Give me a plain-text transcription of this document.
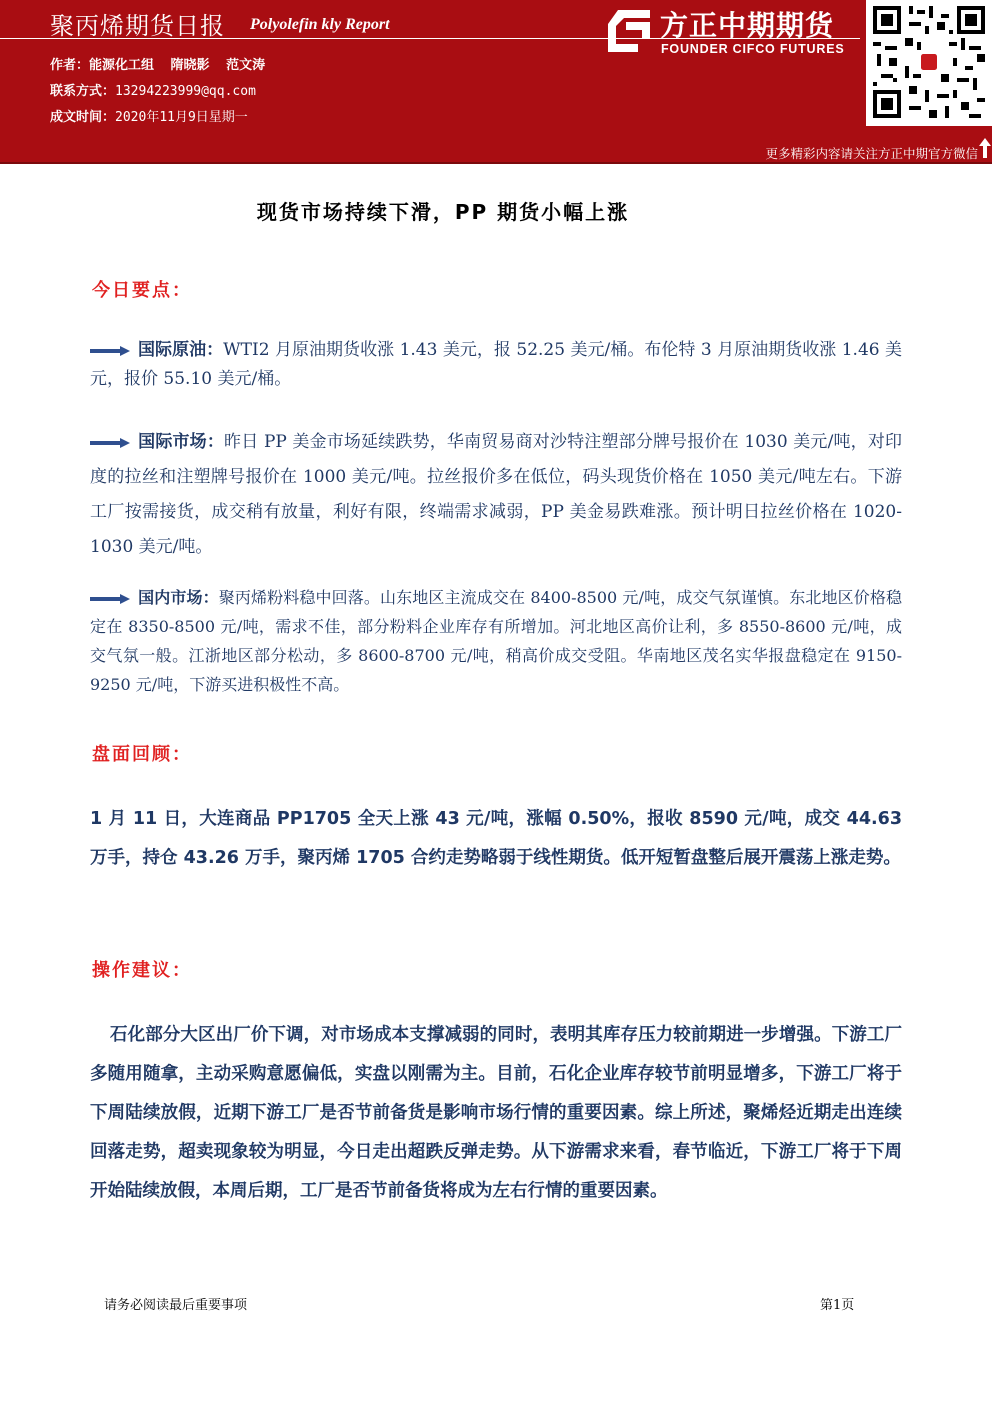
聚丙烯期货日报 Polyolefin kly Report
作者：能源化工组 隋晓影 范文涛
联系方式：13294223999@qq.com
成文时间：2020年11月9日星期一
方正中期期货
FOUNDER CIFCO FUTURES
更多精彩内容请关注方正中期官方微信
现货市场持续下滑，PP 期货小幅上涨
今日要点：
国际原油：WTI2 月原油期货收涨 1.43 美元，报 52.25 美元/桶。布伦特 3 月原油期货收涨 1.46 美元，报价 55.10 美元/桶。
国际市场：昨日 PP 美金市场延续跌势，华南贸易商对沙特注塑部分牌号报价在 1030 美元/吨，对印度的拉丝和注塑牌号报价在 1000 美元/吨。拉丝报价多在低位，码头现货价格在 1050 美元/吨左右。下游工厂按需接货，成交稍有放量，利好有限，终端需求减弱，PP 美金易跌难涨。预计明日拉丝价格在 1020-1030 美元/吨。
国内市场：聚丙烯粉料稳中回落。山东地区主流成交在 8400-8500 元/吨，成交气氛谨慎。东北地区价格稳定在 8350-8500 元/吨，需求不佳，部分粉料企业库存有所增加。河北地区高价让利，多 8550-8600 元/吨，成交气氛一般。江浙地区部分松动，多 8600-8700 元/吨，稍高价成交受阻。华南地区茂名实华报盘稳定在 9150-9250 元/吨，下游买进积极性不高。
盘面回顾：
1 月 11 日，大连商品 PP1705 全天上涨 43 元/吨，涨幅 0.50%，报收 8590 元/吨，成交 44.63 万手，持仓 43.26 万手，聚丙烯 1705 合约走势略弱于线性期货。低开短暂盘整后展开震荡上涨走势。
操作建议：
石化部分大区出厂价下调，对市场成本支撑减弱的同时，表明其库存压力较前期进一步增强。下游工厂多随用随拿，主动采购意愿偏低，实盘以刚需为主。目前，石化企业库存较节前明显增多，下游工厂将于下周陆续放假，近期下游工厂是否节前备货是影响市场行情的重要因素。综上所述，聚烯烃近期走出连续回落走势，超卖现象较为明显，今日走出超跌反弹走势。从下游需求来看，春节临近，下游工厂将于下周开始陆续放假，本周后期，工厂是否节前备货将成为左右行情的重要因素。
请务必阅读最后重要事项	第1页
